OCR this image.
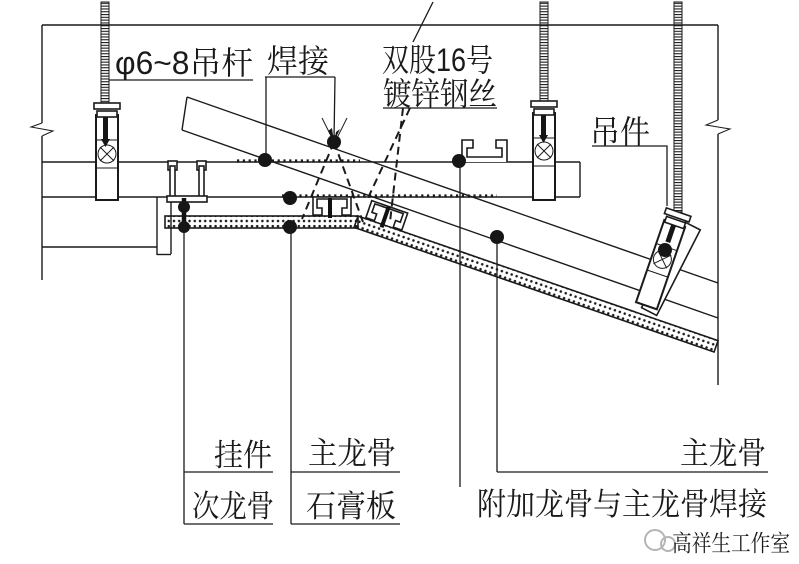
φ6~8吊杆 焊接 双股16号
镀锌钢丝
吊件
挂件
次龙骨
主龙骨
石膏板
主龙骨
附加龙骨与主龙骨焊接
高祥生工作室
